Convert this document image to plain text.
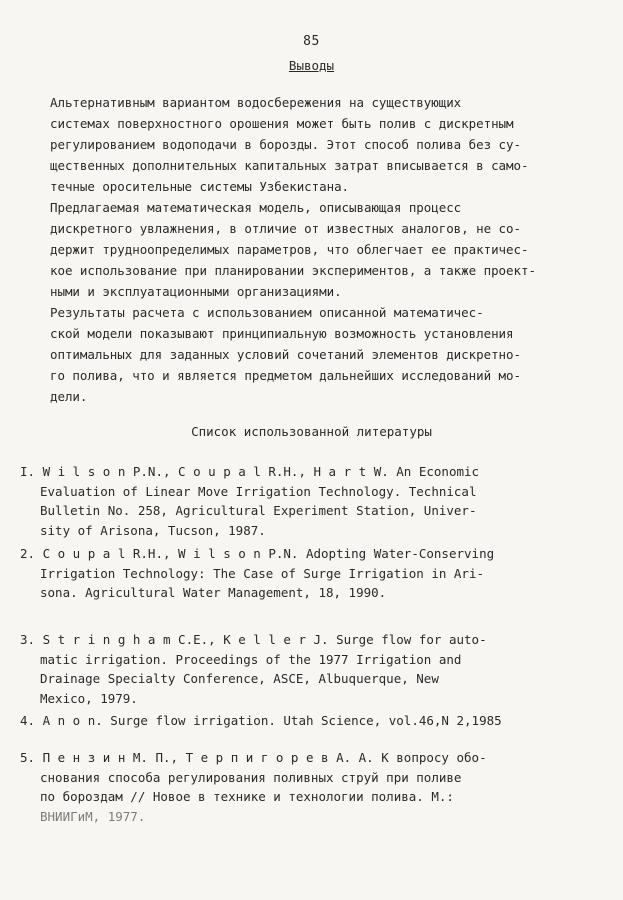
85
Выводы
Альтернативным вариантом водосбережения на существующих
системах поверхностного орошения может быть полив с дискретным
регулированием водоподачи в борозды. Этот способ полива без су-
щественных дополнительных капитальных затрат вписывается в само-
течные оросительные системы Узбекистана.
Предлагаемая математическая модель, описывающая процесс
дискретного увлажнения, в отличие от известных аналогов, не со-
держит трудноопределимых параметров, что облегчает ее практичес-
кое использование при планировании экспериментов, а также проект-
ными и эксплуатационными организациями.
Результаты расчета с использованием описанной математичес-
ской модели показывают принципиальную возможность установления
оптимальных для заданных условий сочетаний элементов дискретно-
го полива, что и является предметом дальнейших исследований мо-
дели.
Список использованной литературы
I. W i l s o n P.N., C o u p a l R.H., H a r t W. An Economic
Evaluation of Linear Move Irrigation Technology. Technical
Bulletin No. 258, Agricultural Experiment Station, Univer-
sity of Arisona, Tucson, 1987.
2. C o u p a l R.H., W i l s o n P.N. Adopting Water-Conserving
Irrigation Technology: The Case of Surge Irrigation in Ari-
sona. Agricultural Water Management, 18, 1990.
3. S t r i n g h a m C.E., K e l l e r J. Surge flow for auto-
matic irrigation. Proceedings of the 1977 Irrigation and
Drainage Specialty Conference, ASCE, Albuquerque, New
Mexico, 1979.
4. A n o n. Surge flow irrigation. Utah Science, vol.46,N 2,1985
5. П е н з и н М. П., Т е р п и г о р е в А. А. К вопросу обо-
снования способа регулирования поливных струй при поливе
по бороздам // Новое в технике и технологии полива. М.:
ВНИИГиМ, 1977.
